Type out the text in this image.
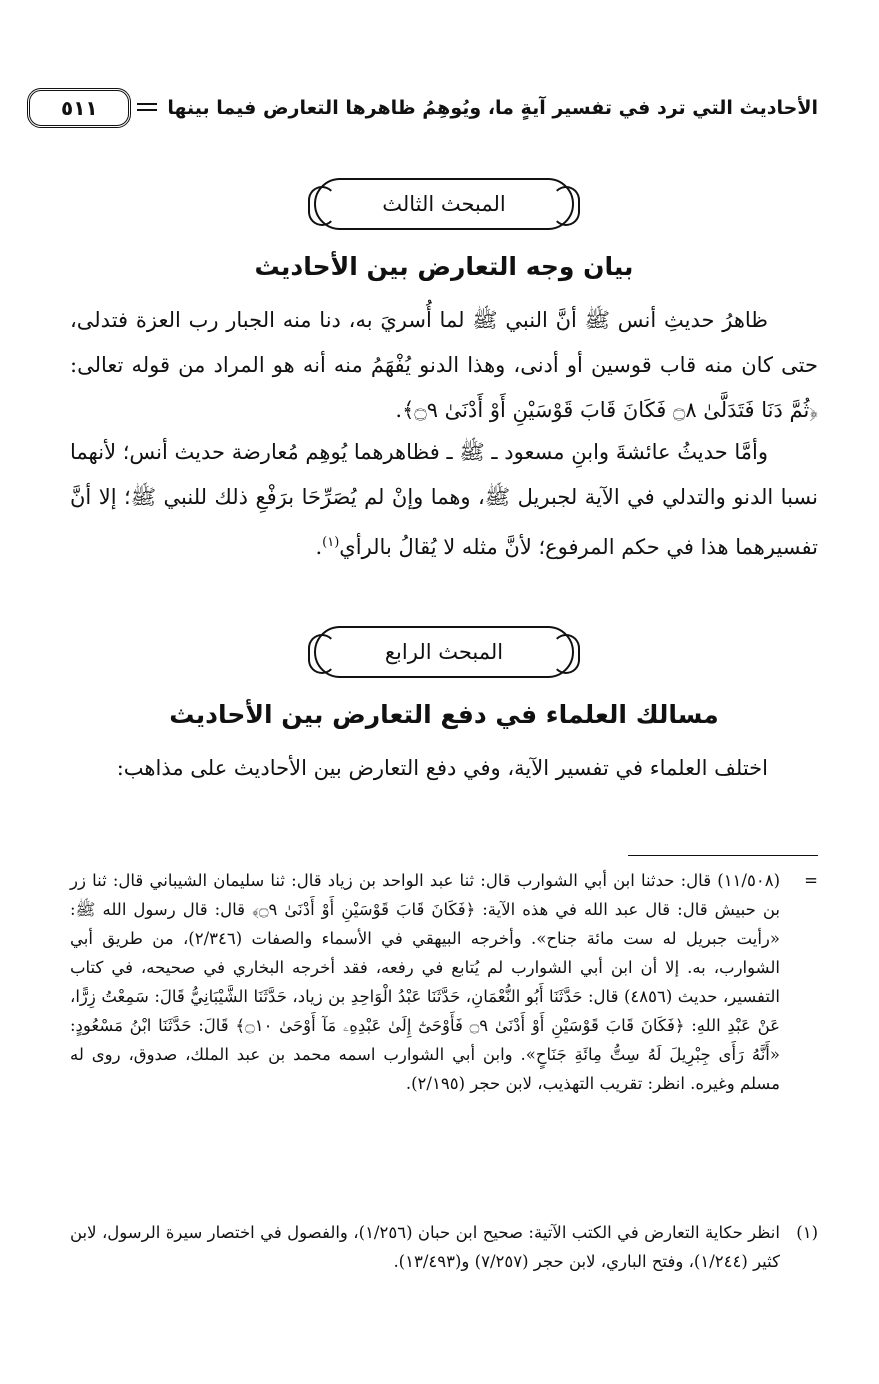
الأحاديث التي ترد في تفسير آيةٍ ما، ويُوهِمُ ظاهرها التعارض فيما بينها
٥١١
المبحث الثالث
بيان وجه التعارض بين الأحاديث
ظاهرُ حديثِ أنس ﷺ أنَّ النبي ﷺ لما أُسريَ به، دنا منه الجبار رب العزة فتدلى، حتى كان منه قاب قوسين أو أدنى، وهذا الدنو يُفْهَمُ منه أنه هو المراد من قوله تعالى: ﴿ثُمَّ دَنَا فَتَدَلَّىٰ ۝٨ فَكَانَ قَابَ قَوْسَيْنِ أَوْ أَدْنَىٰ ۝٩﴾.
وأمَّا حديثُ عائشةَ وابنِ مسعود ـ ﷺ ـ فظاهرهما يُوهِم مُعارضة حديث أنس؛ لأنهما نسبا الدنو والتدلي في الآية لجبريل ﷺ، وهما وإنْ لم يُصَرِّحَا برَفْعِ ذلك للنبي ﷺ؛ إلا أنَّ تفسيرهما هذا في حكم المرفوع؛ لأنَّ مثله لا يُقالُ بالرأي$^{(١)}$.
المبحث الرابع
مسالك العلماء في دفع التعارض بين الأحاديث
اختلف العلماء في تفسير الآية، وفي دفع التعارض بين الأحاديث على مذاهب:
=
(١١/٥٠٨) قال: حدثنا ابن أبي الشوارب قال: ثنا عبد الواحد بن زياد قال: ثنا سليمان الشيباني قال: ثنا زر بن حبيش قال: قال عبد الله في هذه الآية: ﴿فَكَانَ قَابَ قَوْسَيْنِ أَوْ أَدْنَىٰ ۝٩﴾ قال: قال رسول الله ﷺ: «رأيت جبريل له ست مائة جناح». وأخرجه البيهقي في الأسماء والصفات (٢/٣٤٦)، من طريق أبي الشوارب، به. إلا أن ابن أبي الشوارب لم يُتابع في رفعه، فقد أخرجه البخاري في صحيحه، في كتاب التفسير، حديث (٤٨٥٦) قال: حَدَّثَنَا أَبُو النُّعْمَانِ، حَدَّثَنَا عَبْدُ الْوَاحِدِ بن زياد، حَدَّثَنَا الشَّيْبَانِيُّ قَالَ: سَمِعْتُ زِرًّا، عَنْ عَبْدِ اللهِ: ﴿فَكَانَ قَابَ قَوْسَيْنِ أَوْ أَدْنَىٰ ۝٩ فَأَوْحَىٰٓ إِلَىٰ عَبْدِهِۦ مَآ أَوْحَىٰ ۝١٠﴾ قَالَ: حَدَّثَنَا ابْنُ مَسْعُودٍ: «أَنَّهُ رَأَى جِبْرِيلَ لَهُ سِتُّ مِائَةِ جَنَاحٍ». وابن أبي الشوارب اسمه محمد بن عبد الملك، صدوق، روى له مسلم وغيره. انظر: تقريب التهذيب، لابن حجر (٢/١٩٥).
(١)
انظر حكاية التعارض في الكتب الآتية: صحيح ابن حبان (١/٢٥٦)، والفصول في اختصار سيرة الرسول، لابن كثير (١/٢٤٤)، وفتح الباري، لابن حجر (٧/٢٥٧) و(١٣/٤٩٣).
